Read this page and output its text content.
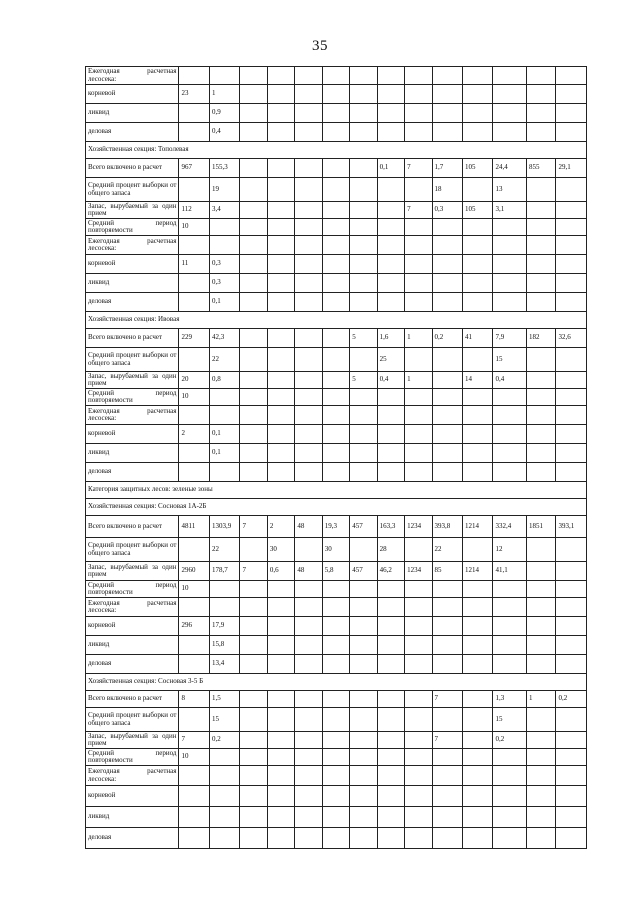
35
Ежегодная расчетная лесосека:														
корневой	23	1												
ликвид		0,9												
деловая		0,4												
Хозяйственная секция: Тополевая														
Всего включено в расчет	967	155,3						0,1	7	1,7	105	24,4	855	29,1
Средний процент выборки от общего запаса		19								18		13		
Запас, вырубаемый за один прием	112	3,4							7	0,3	105	3,1		
Средний период повторяемости	10													
Ежегодная расчетная лесосека:														
корневой	11	0,3												
ликвид		0,3												
деловая		0,1												
Хозяйственная секция: Ивовая														
Всего включено в расчет	229	42,3					5	1,6	1	0,2	41	7,9	182	32,6
Средний процент выборки от общего запаса		22						25				15		
Запас, вырубаемый за один прием	20	0,8					5	0,4	1		14	0,4		
Средний период повторяемости	10													
Ежегодная расчетная лесосека:														
корневой	2	0,1												
ликвид		0,1												
деловая														
Категория защитных лесов: зеленые зоны														
Хозяйственная секция: Сосновая 1А-2Б														
Всего включено в расчет	4811	1303,9	7	2	48	19,3	457	163,3	1234	393,8	1214	332,4	1851	393,1
Средний процент выборки от общего запаса		22		30		30		28		22		12		
Запас, вырубаемый за один прием	2960	178,7	7	0,6	48	5,8	457	46,2	1234	85	1214	41,1		
Средний период повторяемости	10													
Ежегодная расчетная лесосека:														
корневой	296	17,9												
ликвид		15,8												
деловая		13,4												
Хозяйственная секция: Сосновая 3-5 Б														
Всего включено в расчет	8	1,5								7		1,3	1	0,2
Средний процент выборки от общего запаса		15										15		
Запас, вырубаемый за один прием	7	0,2								7		0,2		
Средний период повторяемости	10													
Ежегодная расчетная лесосека:														
корневой														
ликвид														
деловая														
